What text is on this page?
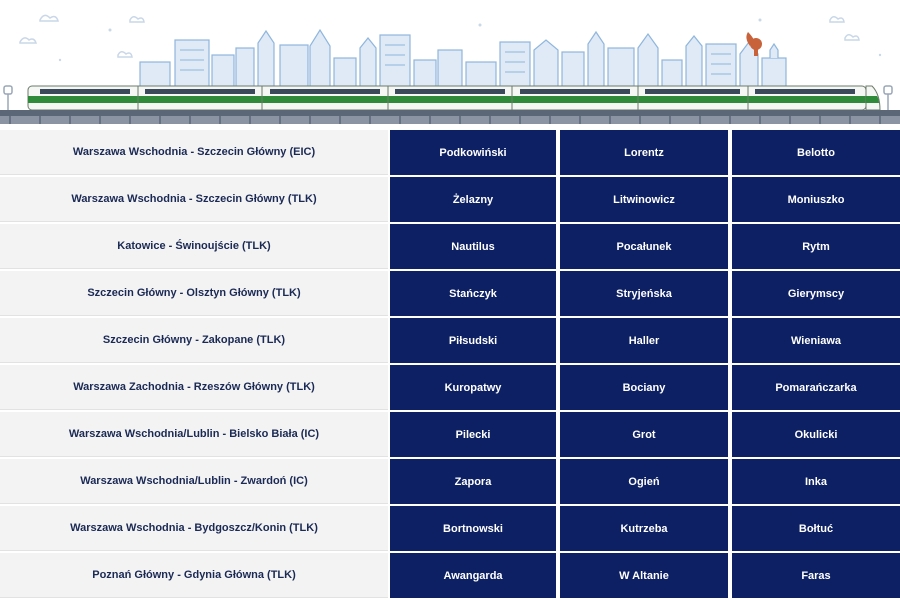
Warszawa Wschodnia - Szczecin Główny (EIC)	Podkowiński	Lorentz	Belotto
Warszawa Wschodnia - Szczecin Główny (TLK)	Żelazny	Litwinowicz	Moniuszko
Katowice - Świnoujście (TLK)	Nautilus	Pocałunek	Rytm
Szczecin Główny - Olsztyn Główny (TLK)	Stańczyk	Stryjeńska	Gierymscy
Szczecin Główny - Zakopane (TLK)	Piłsudski	Haller	Wieniawa
Warszawa Zachodnia - Rzeszów Główny (TLK)	Kuropatwy	Bociany	Pomarańczarka
Warszawa Wschodnia/Lublin - Bielsko Biała (IC)	Pilecki	Grot	Okulicki
Warszawa Wschodnia/Lublin - Zwardoń (IC)	Zapora	Ogień	Inka
Warszawa Wschodnia - Bydgoszcz/Konin (TLK)	Bortnowski	Kutrzeba	Bołtuć
Poznań Główny - Gdynia Główna (TLK)	Awangarda	W Altanie	Faras
